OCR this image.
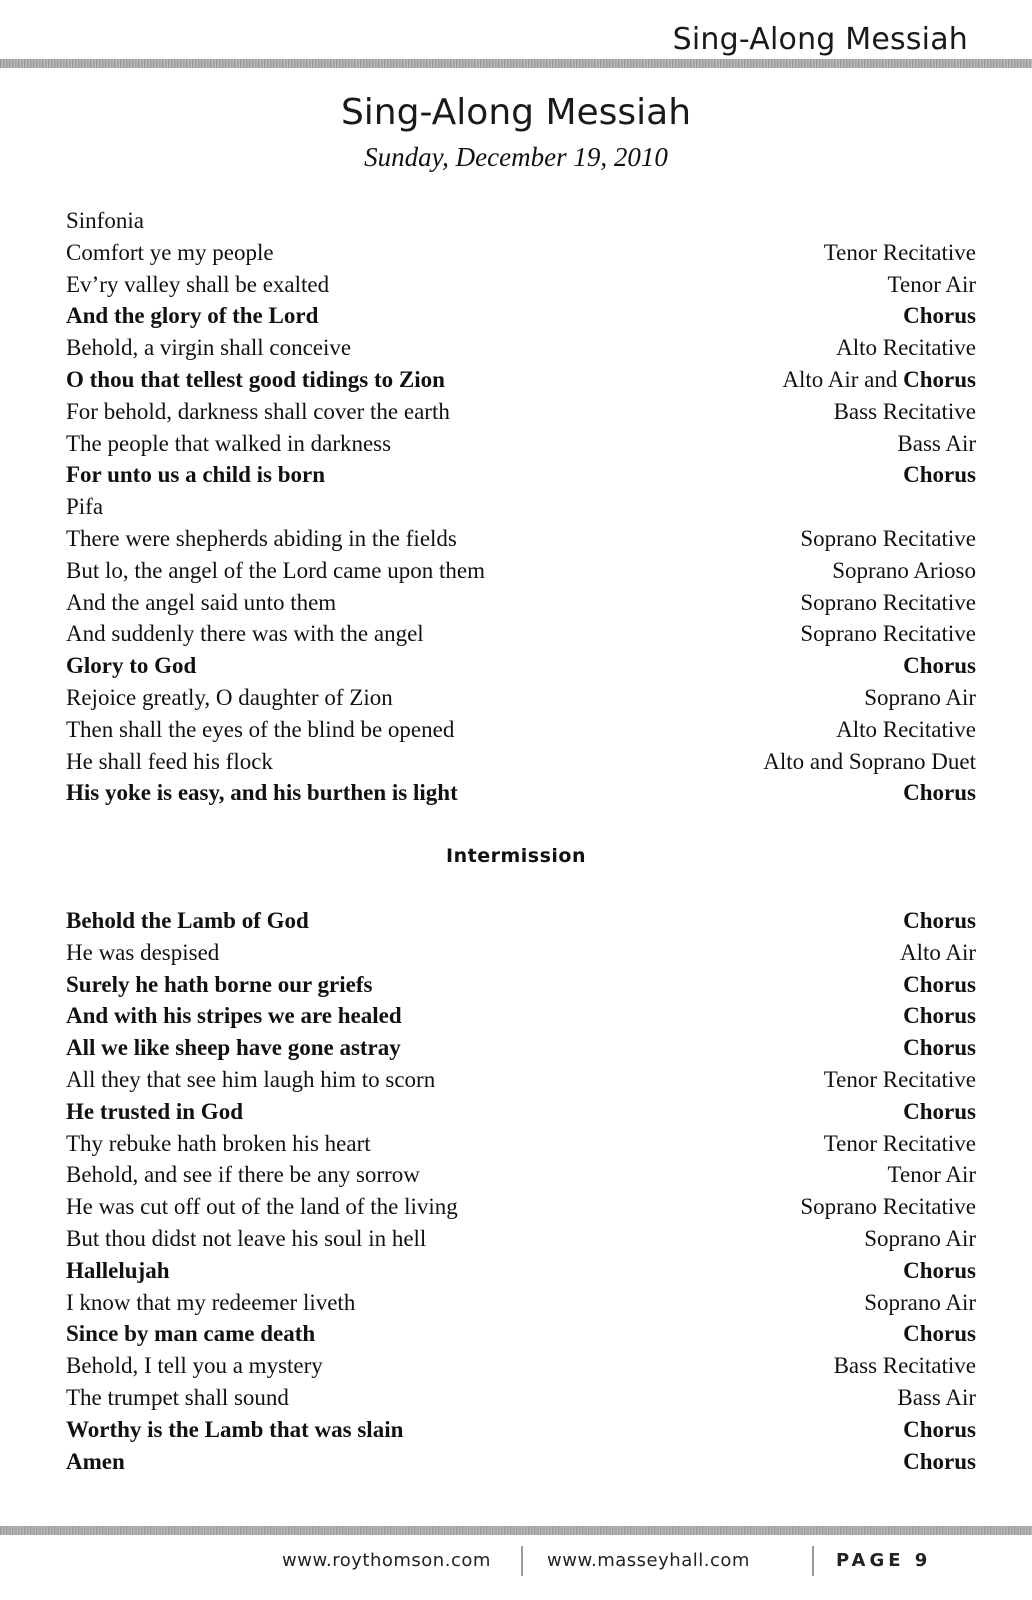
Sing-Along Messiah
Sing-Along Messiah
Sunday, December 19, 2010
Sinfonia
Comfort ye my people	Tenor Recitative
Ev’ry valley shall be exalted	Tenor Air
And the glory of the Lord	Chorus
Behold, a virgin shall conceive	Alto Recitative
O thou that tellest good tidings to Zion	Alto Air and Chorus
For behold, darkness shall cover the earth	Bass Recitative
The people that walked in darkness	Bass Air
For unto us a child is born	Chorus
Pifa
There were shepherds abiding in the fields	Soprano Recitative
But lo, the angel of the Lord came upon them	Soprano Arioso
And the angel said unto them	Soprano Recitative
And suddenly there was with the angel	Soprano Recitative
Glory to God	Chorus
Rejoice greatly, O daughter of Zion	Soprano Air
Then shall the eyes of the blind be opened	Alto Recitative
He shall feed his flock	Alto and Soprano Duet
His yoke is easy, and his burthen is light	Chorus
Intermission
Behold the Lamb of God	Chorus
He was despised	Alto Air
Surely he hath borne our griefs	Chorus
And with his stripes we are healed	Chorus
All we like sheep have gone astray	Chorus
All they that see him laugh him to scorn	Tenor Recitative
He trusted in God	Chorus
Thy rebuke hath broken his heart	Tenor Recitative
Behold, and see if there be any sorrow	Tenor Air
He was cut off out of the land of the living	Soprano Recitative
But thou didst not leave his soul in hell	Soprano Air
Hallelujah	Chorus
I know that my redeemer liveth	Soprano Air
Since by man came death	Chorus
Behold, I tell you a mystery	Bass Recitative
The trumpet shall sound	Bass Air
Worthy is the Lamb that was slain	Chorus
Amen	Chorus
www.roythomson.com	www.masseyhall.com	PAGE 9
